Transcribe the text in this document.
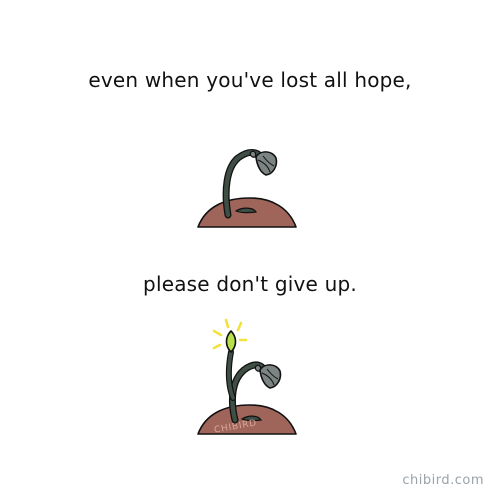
even when you've lost all hope,
CHIBIRD
please don't give up.
chibird.com
